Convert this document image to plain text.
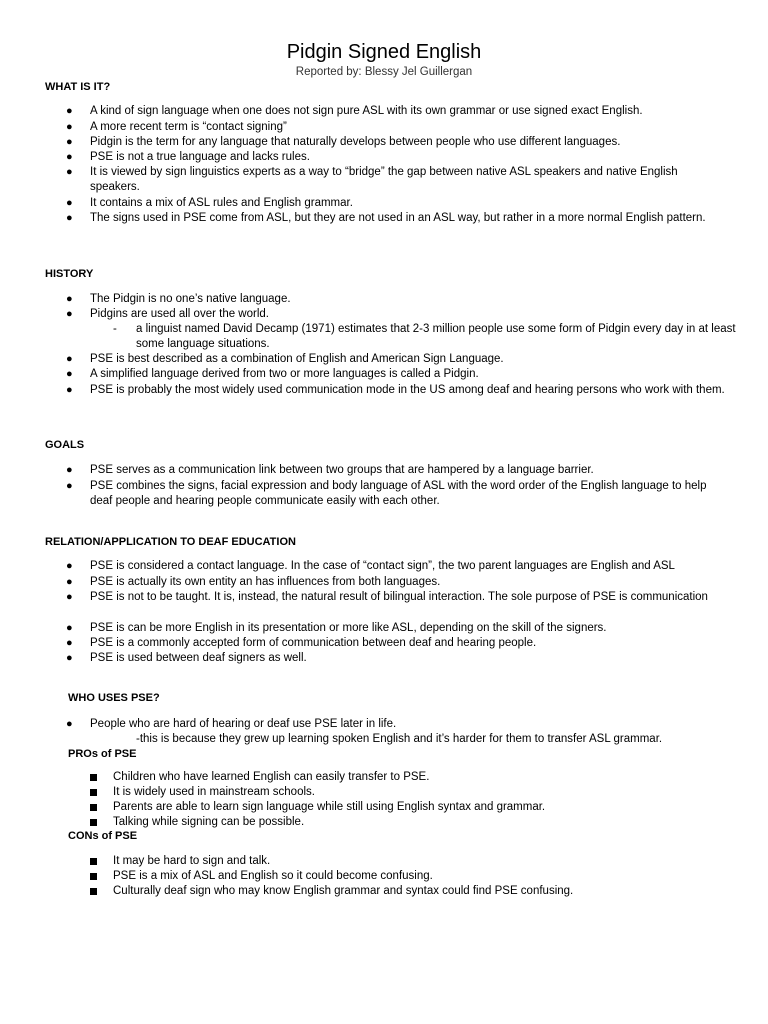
Pidgin Signed English
Reported by: Blessy Jel Guillergan
WHAT IS IT?
● A kind of sign language when one does not sign pure ASL with its own grammar or use signed exact English.
● A more recent term is “contact signing”
● Pidgin is the term for any language that naturally develops between people who use different languages.
● PSE is not a true language and lacks rules.
● It is viewed by sign linguistics experts as a way to “bridge” the gap between native ASL speakers and native English speakers.
● It contains a mix of ASL rules and English grammar.
● The signs used in PSE come from ASL, but they are not used in an ASL way, but rather in a more normal English pattern.
HISTORY
● The Pidgin is no one’s native language.
● Pidgins are used all over the world.
- a linguist named David Decamp (1971) estimates that 2-3 million people use some form of Pidgin every day in at least some language situations.
● PSE is best described as a combination of English and American Sign Language.
● A simplified language derived from two or more languages is called a Pidgin.
● PSE is probably the most widely used communication mode in the US among deaf and hearing persons who work with them.
GOALS
● PSE serves as a communication link between two groups that are hampered by a language barrier.
● PSE combines the signs, facial expression and body language of ASL with the word order of the English language to help deaf people and hearing people communicate easily with each other.
RELATION/APPLICATION TO DEAF EDUCATION
● PSE is considered a contact language. In the case of “contact sign”, the two parent languages are English and ASL
● PSE is actually its own entity an has influences from both languages.
● PSE is not to be taught. It is, instead, the natural result of bilingual interaction. The sole purpose of PSE is communication
● PSE is can be more English in its presentation or more like ASL, depending on the skill of the signers.
● PSE is a commonly accepted form of communication between deaf and hearing people.
● PSE is used between deaf signers as well.
WHO USES PSE?
● People who are hard of hearing or deaf use PSE later in life.
-this is because they grew up learning spoken English and it’s harder for them to transfer ASL grammar.
PROs of PSE
Children who have learned English can easily transfer to PSE.
It is widely used in mainstream schools.
Parents are able to learn sign language while still using English syntax and grammar.
Talking while signing can be possible.
CONs of PSE
It may be hard to sign and talk.
PSE is a mix of ASL and English so it could become confusing.
Culturally deaf sign who may know English grammar and syntax could find PSE confusing.
